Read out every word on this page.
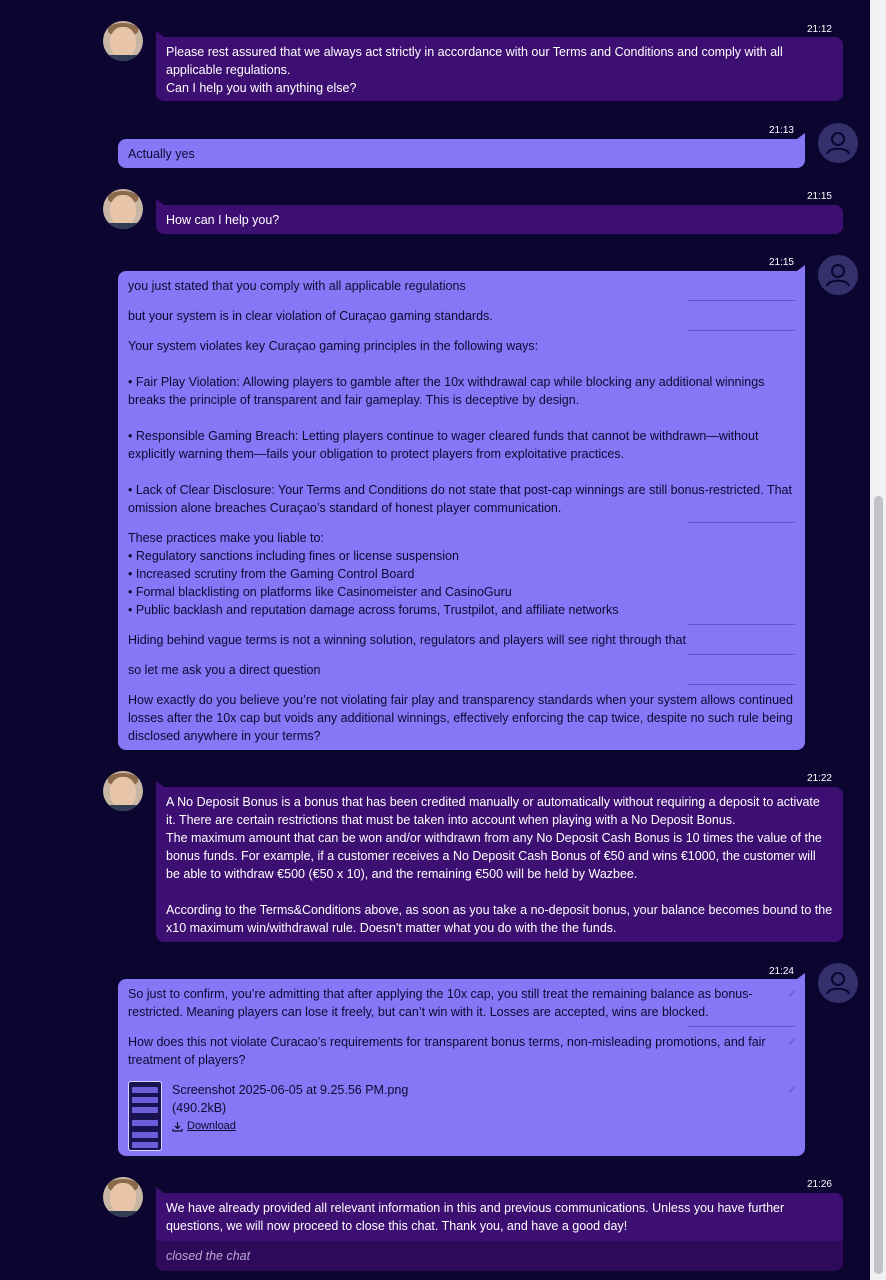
21:12

Please rest assured that we always act strictly in accordance with our Terms and Conditions and comply with all applicable regulations.

Can I help you with anything else?

21:13

Actually yes

21:15

How can I help you?

21:15

you just stated that you comply with all applicable regulations

but your system is in clear violation of Curaçao gaming standards.

Your system violates key Curaçao gaming principles in the following ways:

• Fair Play Violation: Allowing players to gamble after the 10x withdrawal cap while blocking any additional winnings breaks the principle of transparent and fair gameplay. This is deceptive by design.

• Responsible Gaming Breach: Letting players continue to wager cleared funds that cannot be withdrawn—without explicitly warning them—fails your obligation to protect players from exploitative practices.

• Lack of Clear Disclosure: Your Terms and Conditions do not state that post-cap winnings are still bonus-restricted. That omission alone breaches Curaçao’s standard of honest player communication.

These practices make you liable to:

• Regulatory sanctions including fines or license suspension

• Increased scrutiny from the Gaming Control Board

• Formal blacklisting on platforms like Casinomeister and CasinoGuru

• Public backlash and reputation damage across forums, Trustpilot, and affiliate networks

Hiding behind vague terms is not a winning solution, regulators and players will see right through that

so let me ask you a direct question

How exactly do you believe you’re not violating fair play and transparency standards when your system allows continued losses after the 10x cap but voids any additional winnings, effectively enforcing the cap twice, despite no such rule being disclosed anywhere in your terms?

21:22

A No Deposit Bonus is a bonus that has been credited manually or automatically without requiring a deposit to activate it. There are certain restrictions that must be taken into account when playing with a No Deposit Bonus.

The maximum amount that can be won and/or withdrawn from any No Deposit Cash Bonus is 10 times the value of the bonus funds. For example, if a customer receives a No Deposit Cash Bonus of €50 and wins €1000, the customer will be able to withdraw €500 (€50 x 10), and the remaining €500 will be held by Wazbee.

According to the Terms&Conditions above, as soon as you take a no-deposit bonus, your balance becomes bound to the x10 maximum win/withdrawal rule. Doesn't matter what you do with the the funds.

21:24

So just to confirm, you’re admitting that after applying the 10x cap, you still treat the remaining balance as bonus-restricted. Meaning players can lose it freely, but can’t win with it. Losses are accepted, wins are blocked.

✓

How does this not violate Curacao’s requirements for transparent bonus terms, non-misleading promotions, and fair treatment of players?

✓
Screenshot 2025-06-05 at 9.25.56 PM.png
(490.2kB)
Download
✓
21:26

We have already provided all relevant information in this and previous communications. Unless you have further questions, we will now proceed to close this chat. Thank you, and have a good day!

closed the chat
